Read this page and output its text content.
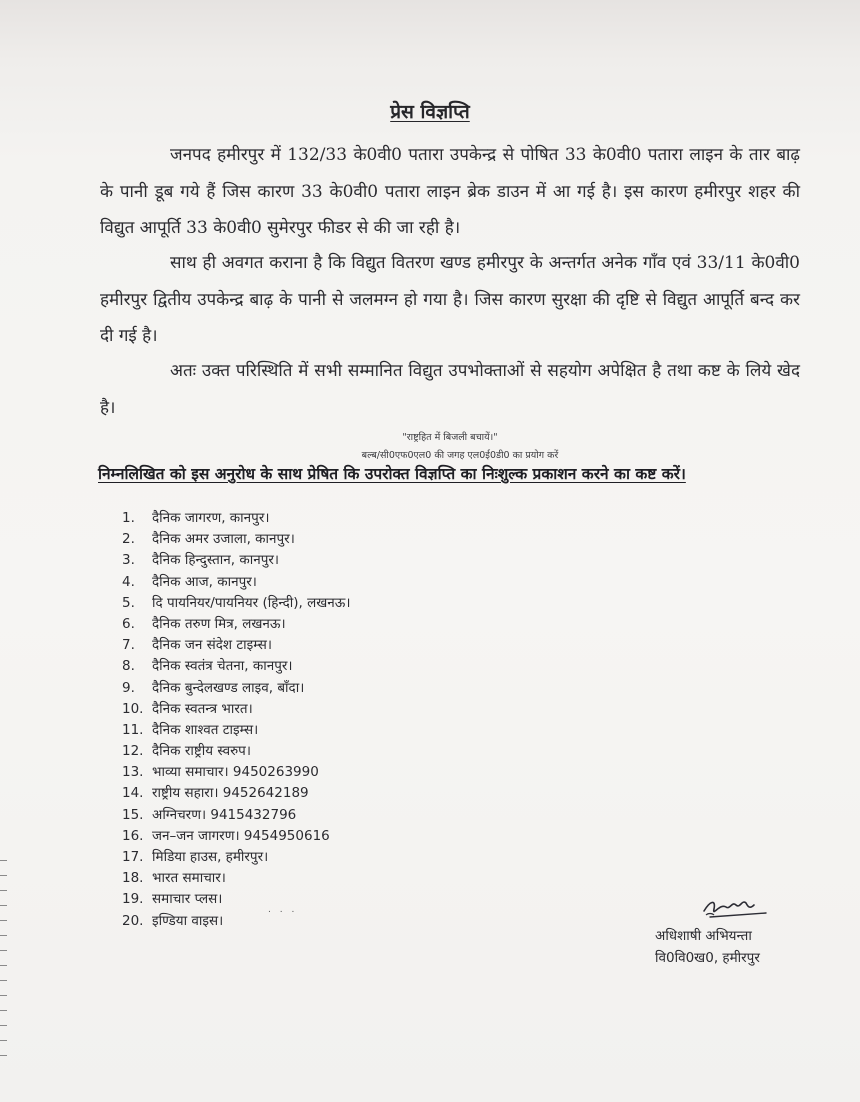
प्रेस विज्ञप्ति

जनपद हमीरपुर में 132/33 के0वी0 पतारा उपकेन्द्र से पोषित 33 के0वी0 पतारा लाइन के तार बाढ़ के पानी डूब गये हैं जिस कारण 33 के0वी0 पतारा लाइन ब्रेक डाउन में आ गई है। इस कारण हमीरपुर शहर की विद्युत आपूर्ति 33 के0वी0 सुमेरपुर फीडर से की जा रही है।

साथ ही अवगत कराना है कि विद्युत वितरण खण्ड हमीरपुर के अन्तर्गत अनेक गाँव एवं 33/11 के0वी0 हमीरपुर द्वितीय उपकेन्द्र बाढ़ के पानी से जलमग्न हो गया है। जिस कारण सुरक्षा की दृष्टि से विद्युत आपूर्ति बन्द कर दी गई है।

अतः उक्त परिस्थिति में सभी सम्मानित विद्युत उपभोक्ताओं से सहयोग अपेक्षित है तथा कष्ट के लिये खेद है।

"राष्ट्रहित में बिजली बचायें।"
बल्ब/सी0एफ0एल0 की जगह एल0ई0डी0 का प्रयोग करें
निम्नलिखित को इस अनुरोध के साथ प्रेषित कि उपरोक्त विज्ञप्ति का निःशुल्क प्रकाशन करने का कष्ट करें।
1. दैनिक जागरण, कानपुर।
2. दैनिक अमर उजाला, कानपुर।
3. दैनिक हिन्दुस्तान, कानपुर।
4. दैनिक आज, कानपुर।
5. दि पायनियर/पायनियर (हिन्दी), लखनऊ।
6. दैनिक तरुण मित्र, लखनऊ।
7. दैनिक जन संदेश टाइम्स।
8. दैनिक स्वतंत्र चेतना, कानपुर।
9. दैनिक बुन्देलखण्ड लाइव, बाँदा।
10. दैनिक स्वतन्त्र भारत।
11. दैनिक शाश्वत टाइम्स।
12. दैनिक राष्ट्रीय स्वरुप।
13. भाव्या समाचार। 9450263990
14. राष्ट्रीय सहारा। 9452642189
15. अग्निचरण। 9415432796
16. जन–जन जागरण। 9454950616
17. मिडिया हाउस, हमीरपुर।
18. भारत समाचार।
19. समाचार प्लस।
20. इण्डिया वाइस।
. . .
अधिशाषी अभियन्ता
वि0वि0ख0, हमीरपुर
